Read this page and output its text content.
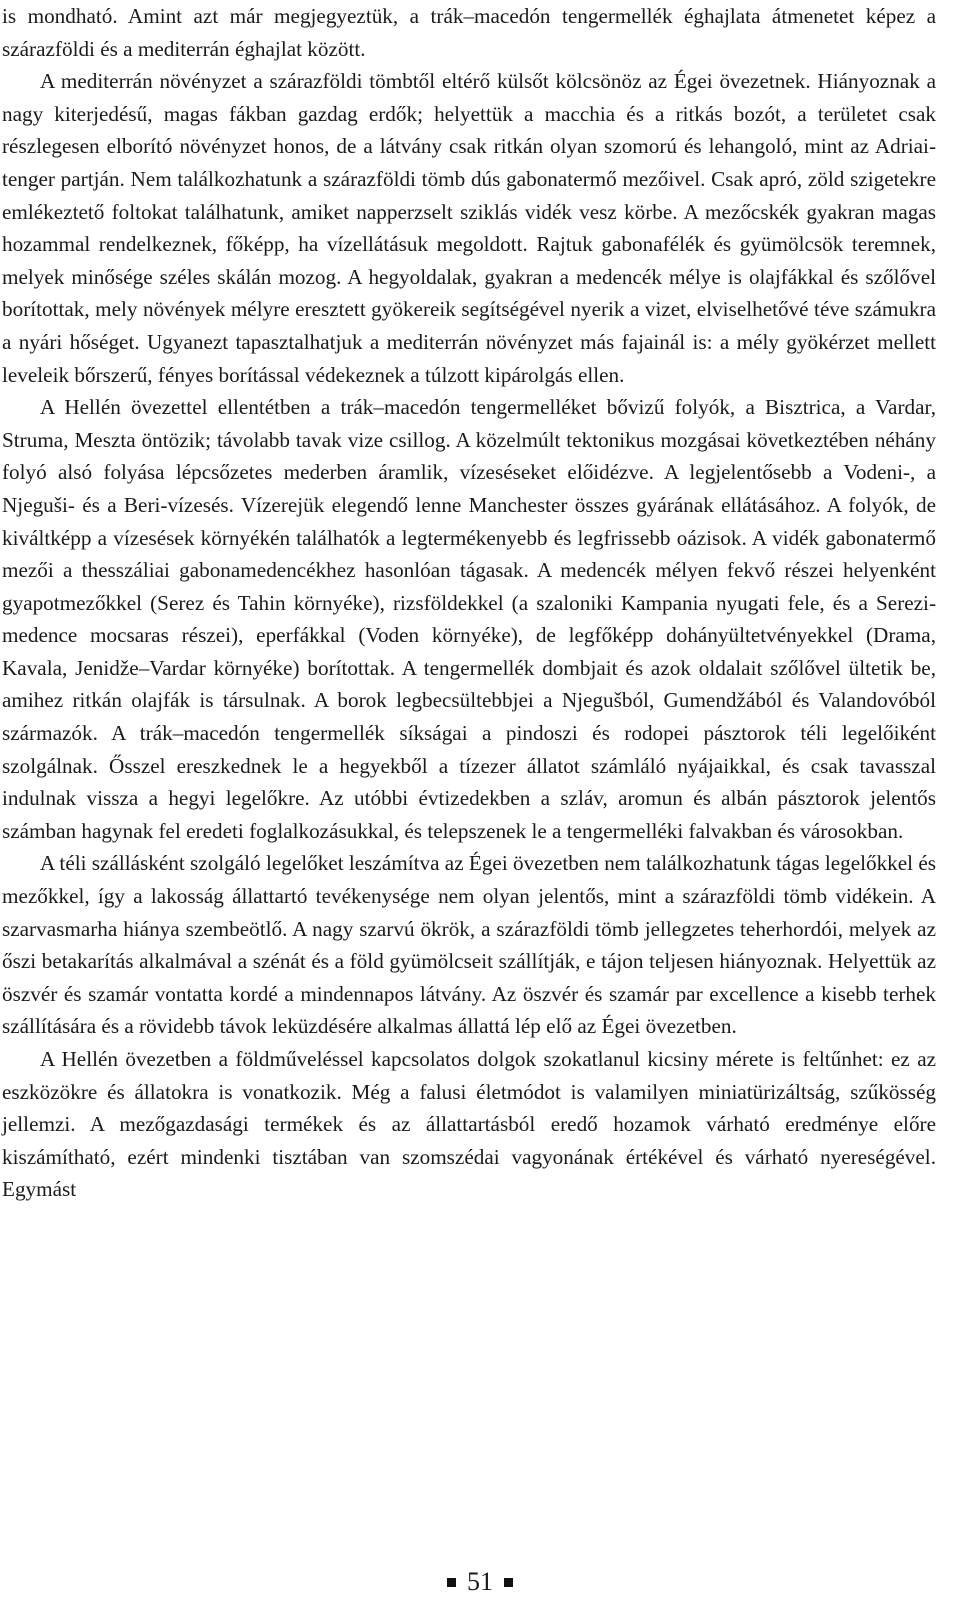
is mondható. Amint azt már megjegyeztük, a trák–macedón tengermellék éghajlata átmenetet képez a szárazföldi és a mediterrán éghajlat között.

A mediterrán növényzet a szárazföldi tömbtől eltérő külsőt kölcsönöz az Égei övezetnek. Hiányoznak a nagy kiterjedésű, magas fákban gazdag erdők; helyettük a macchia és a ritkás bozót, a területet csak részlegesen elborító növényzet honos, de a látvány csak ritkán olyan szomorú és lehangoló, mint az Adriai-tenger partján. Nem találkozhatunk a szárazföldi tömb dús gabonatermő mezőivel. Csak apró, zöld szigetekre emlékeztető foltokat találhatunk, amiket napperzselt sziklás vidék vesz körbe. A mezőcskék gyakran magas hozammal rendelkeznek, főképp, ha vízellátásuk megoldott. Rajtuk gabonafélék és gyümölcsök teremnek, melyek minősége széles skálán mozog. A hegyoldalak, gyakran a medencék mélye is olajfákkal és szőlővel borítottak, mely növények mélyre eresztett gyökereik segítségével nyerik a vizet, elviselhetővé téve számukra a nyári hőséget. Ugyanezt tapasztalhatjuk a mediterrán növényzet más fajainál is: a mély gyökérzet mellett leveleik bőrszerű, fényes borítással védekeznek a túlzott kipárolgás ellen.

A Hellén övezettel ellentétben a trák–macedón tengermelléket bővizű folyók, a Bisztrica, a Vardar, Struma, Meszta öntözik; távolabb tavak vize csillog. A közelmúlt tektonikus mozgásai következtében néhány folyó alsó folyása lépcsőzetes mederben áramlik, vízeséseket előidézve. A legjelentősebb a Vodeni-, a Njeguši- és a Beri-vízesés. Vízerejük elegendő lenne Manchester összes gyárának ellátásához. A folyók, de kiváltképp a vízesések környékén találhatók a legtermékenyebb és legfrissebb oázisok. A vidék gabonatermő mezői a thesszáliai gabonamedencékhez hasonlóan tágasak. A medencék mélyen fekvő részei helyenként gyapotmezőkkel (Serez és Tahin környéke), rizsföldekkel (a szaloniki Kampania nyugati fele, és a Serezi-medence mocsaras részei), eperfákkal (Voden környéke), de legfőképp dohányültetvényekkel (Drama, Kavala, Jenidže–Vardar környéke) borítottak. A tengermellék dombjait és azok oldalait szőlővel ültetik be, amihez ritkán olajfák is társulnak. A borok legbecsültebbjei a Njegušból, Gumendžából és Valandovóból származók. A trák–macedón tengermellék síkságai a pindoszi és rodopei pásztorok téli legelőiként szolgálnak. Ősszel ereszkednek le a hegyekből a tízezer állatot számláló nyájaikkal, és csak tavasszal indulnak vissza a hegyi legelőkre. Az utóbbi évtizedekben a szláv, aromun és albán pásztorok jelentős számban hagynak fel eredeti foglalkozásukkal, és telepszenek le a tengermelléki falvakban és városokban.

A téli szállásként szolgáló legelőket leszámítva az Égei övezetben nem találkozhatunk tágas legelőkkel és mezőkkel, így a lakosság állattartó tevékenysége nem olyan jelentős, mint a szárazföldi tömb vidékein. A szarvasmarha hiánya szembeötlő. A nagy szarvú ökrök, a szárazföldi tömb jellegzetes teherhordói, melyek az őszi betakarítás alkalmával a szénát és a föld gyümölcseit szállítják, e tájon teljesen hiányoznak. Helyettük az öszvér és szamár vontatta kordé a mindennapos látvány. Az öszvér és szamár par excellence a kisebb terhek szállítására és a rövidebb távok leküzdésére alkalmas állattá lép elő az Égei övezetben.

A Hellén övezetben a földműveléssel kapcsolatos dolgok szokatlanul kicsiny mérete is feltűnhet: ez az eszközökre és állatokra is vonatkozik. Még a falusi életmódot is valamilyen miniatürizáltság, szűkösség jellemzi. A mezőgazdasági termékek és az állattartásból eredő hozamok várható eredménye előre kiszámítható, ezért mindenki tisztában van szomszédai vagyonának értékével és várható nyereségével. Egymást

51
